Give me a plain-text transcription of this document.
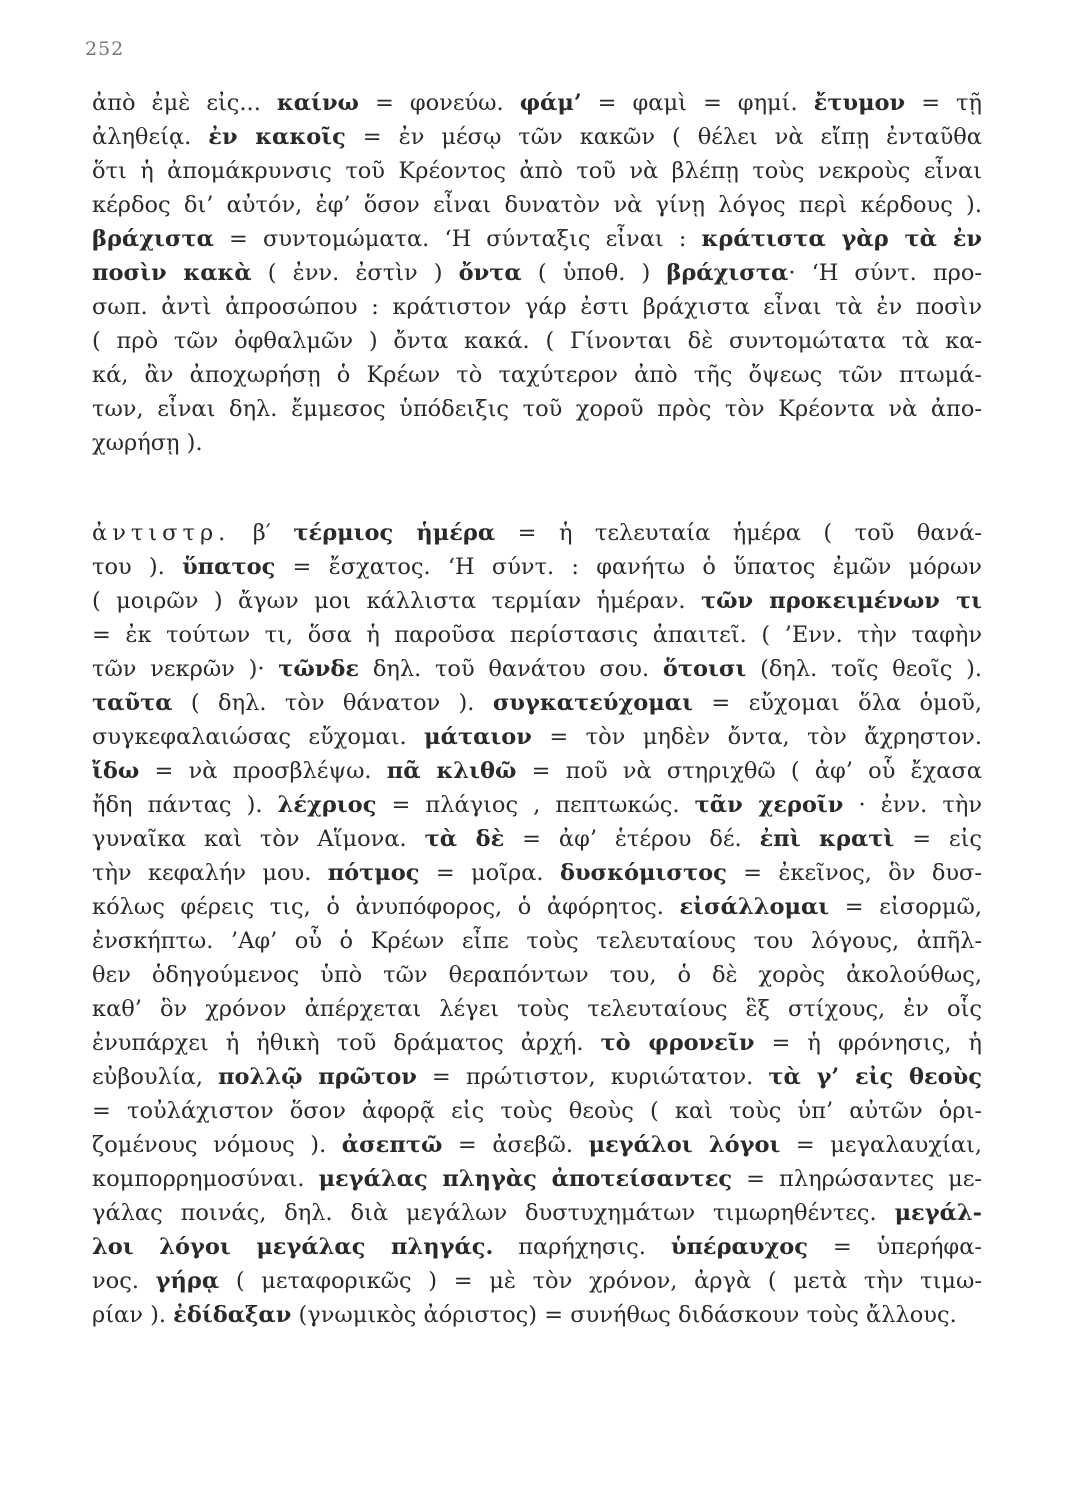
252
ἀπὸ ἐμὲ εἰς... καίνω = φονεύω. φάμ’ = φαμὶ = φημί. ἔτυμον = τῇ
ἀληθείᾳ. ἐν κακοῖς = ἐν μέσῳ τῶν κακῶν ( θέλει νὰ εἴπῃ ἐνταῦθα
ὅτι ἡ ἀπομάκρυνσις τοῦ Κρέοντος ἀπὸ τοῦ νὰ βλέπῃ τοὺς νεκροὺς εἶναι
κέρδος δι’ αὐτόν, ἐφ’ ὅσον εἶναι δυνατὸν νὰ γίνῃ λόγος περὶ κέρδους ).
βράχιστα = συντομώματα. ‘Η σύνταξις εἶναι : κράτιστα γὰρ τὰ ἐν
ποσὶν κακὰ ( ἐνν. ἐστὶν ) ὄντα ( ὑποθ. ) βράχιστα· ‘Η σύντ. προ-
σωπ. ἀντὶ ἀπροσώπου : κράτιστον γάρ ἐστι βράχιστα εἶναι τὰ ἐν ποσὶν
( πρὸ τῶν ὀφθαλμῶν ) ὄντα κακά. ( Γίνονται δὲ συντομώτατα τὰ κα-
κά, ἂν ἀποχωρήσῃ ὁ Κρέων τὸ ταχύτερον ἀπὸ τῆς ὄψεως τῶν πτωμά-
των, εἶναι δηλ. ἔμμεσος ὑπόδειξις τοῦ χοροῦ πρὸς τὸν Κρέοντα νὰ ἀπο-
χωρήσῃ ).
ἀντιστρ. β′ τέρμιος ἡμέρα = ἡ τελευταία ἡμέρα ( τοῦ θανά-
του ). ὕπατος = ἔσχατος. ‘Η σύντ. : φανήτω ὁ ὕπατος ἐμῶν μόρων
( μοιρῶν ) ἄγων μοι κάλλιστα τερμίαν ἡμέραν. τῶν προκειμένων τι
= ἐκ τούτων τι, ὅσα ἡ παροῦσα περίστασις ἀπαιτεῖ. ( ’Ενν. τὴν ταφὴν
τῶν νεκρῶν )· τῶνδε δηλ. τοῦ θανάτου σου. ὅτοισι (δηλ. τοῖς θεοῖς ).
ταῦτα ( δηλ. τὸν θάνατον ). συγκατεύχομαι = εὔχομαι ὅλα ὁμοῦ,
συγκεφαλαιώσας εὔχομαι. μάταιον = τὸν μηδὲν ὄντα, τὸν ἄχρηστον.
ἴδω = νὰ προσβλέψω. πᾶ κλιθῶ = ποῦ νὰ στηριχθῶ ( ἀφ’ οὗ ἔχασα
ἤδη πάντας ). λέχριος = πλάγιος , πεπτωκώς. τᾶν χεροῖν · ἐνν. τὴν
γυναῖκα καὶ τὸν Αἵμονα. τὰ δὲ = ἀφ’ ἑτέρου δέ. ἐπὶ κρατὶ = εἰς
τὴν κεφαλήν μου. πότμος = μοῖρα. δυσκόμιστος = ἐκεῖνος, ὃν δυσ-
κόλως φέρεις τις, ὁ ἀνυπόφορος, ὁ ἀφόρητος. εἰσάλλομαι = εἰσορμῶ,
ἐνσκήπτω. ’Αφ’ οὗ ὁ Κρέων εἶπε τοὺς τελευταίους του λόγους, ἀπῆλ-
θεν ὁδηγούμενος ὑπὸ τῶν θεραπόντων του, ὁ δὲ χορὸς ἀκολούθως,
καθ’ ὃν χρόνον ἀπέρχεται λέγει τοὺς τελευταίους ἓξ στίχους, ἐν οἷς
ἐνυπάρχει ἡ ἠθικὴ τοῦ δράματος ἀρχή. τὸ φρονεῖν = ἡ φρόνησις, ἡ
εὐβουλία, πολλῷ πρῶτον = πρώτιστον, κυριώτατον. τὰ γ’ εἰς θεοὺς
= τοὐλάχιστον ὅσον ἀφορᾷ εἰς τοὺς θεοὺς ( καὶ τοὺς ὑπ’ αὐτῶν ὁρι-
ζομένους νόμους ). ἀσεπτῶ = ἀσεβῶ. μεγάλοι λόγοι = μεγαλαυχίαι,
κομπορρημοσύναι. μεγάλας πληγὰς ἀποτείσαντες = πληρώσαντες με-
γάλας ποινάς, δηλ. διὰ μεγάλων δυστυχημάτων τιμωρηθέντες. μεγάλ-
λοι λόγοι μεγάλας πληγάς. παρήχησις. ὑπέραυχος = ὑπερήφα-
νος. γήρᾳ ( μεταφορικῶς ) = μὲ τὸν χρόνον, ἀργὰ ( μετὰ τὴν τιμω-
ρίαν ). ἐδίδαξαν (γνωμικὸς ἀόριστος) = συνήθως διδάσκουν τοὺς ἄλλους.
